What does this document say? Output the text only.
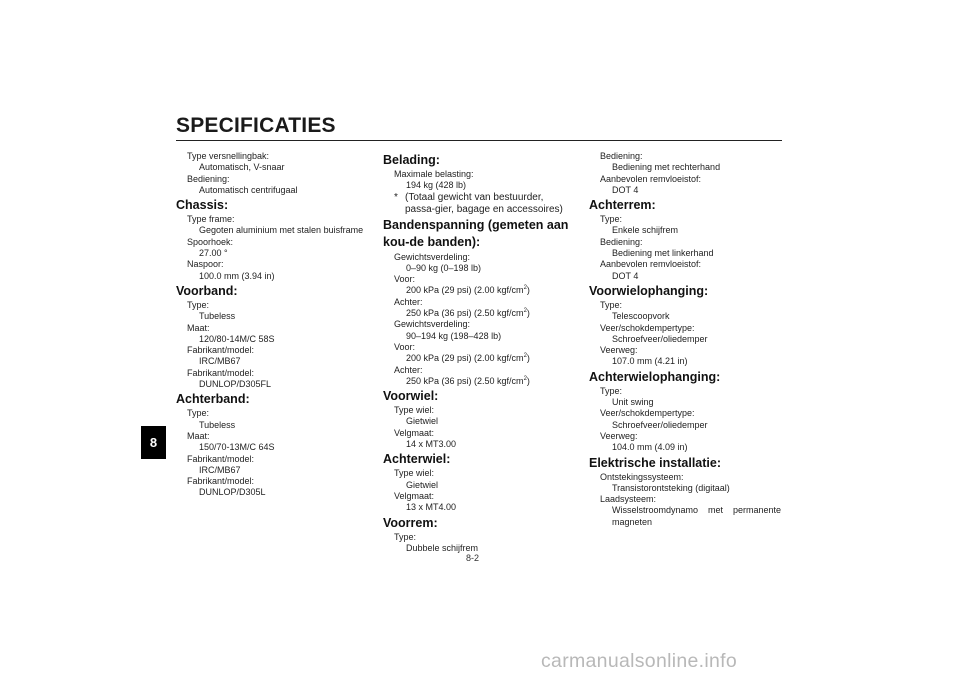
SPECIFICATIES
8
Type versnellingbak:
Automatisch, V-snaar
Bediening:
Automatisch centrifugaal
Chassis:
Type frame:
Gegoten aluminium met stalen buisframe
Spoorhoek:
27.00 °
Naspoor:
100.0 mm (3.94 in)
Voorband:
Type:
Tubeless
Maat:
120/80-14M/C 58S
Fabrikant/model:
IRC/MB67
Fabrikant/model:
DUNLOP/D305FL
Achterband:
Type:
Tubeless
Maat:
150/70-13M/C 64S
Fabrikant/model:
IRC/MB67
Fabrikant/model:
DUNLOP/D305L
Belading:
Maximale belasting:
194 kg (428 lb)
* (Totaal gewicht van bestuurder, passa-gier, bagage en accessoires)
Bandenspanning (gemeten aan kou-de banden):
Gewichtsverdeling:
0–90 kg (0–198 lb)
Voor:
200 kPa (29 psi) (2.00 kgf/$cm^2$)
Achter:
250 kPa (36 psi) (2.50 kgf/$cm^2$)
Gewichtsverdeling:
90–194 kg (198–428 lb)
Voor:
200 kPa (29 psi) (2.00 kgf/$cm^2$)
Achter:
250 kPa (36 psi) (2.50 kgf/$cm^2$)
Voorwiel:
Type wiel:
Gietwiel
Velgmaat:
14 x MT3.00
Achterwiel:
Type wiel:
Gietwiel
Velgmaat:
13 x MT4.00
Voorrem:
Type:
Dubbele schijfrem
Bediening:
Bediening met rechterhand
Aanbevolen remvloeistof:
DOT 4
Achterrem:
Type:
Enkele schijfrem
Bediening:
Bediening met linkerhand
Aanbevolen remvloeistof:
DOT 4
Voorwielophanging:
Type:
Telescoopvork
Veer/schokdempertype:
Schroefveer/oliedemper
Veerweg:
107.0 mm (4.21 in)
Achterwielophanging:
Type:
Unit swing
Veer/schokdempertype:
Schroefveer/oliedemper
Veerweg:
104.0 mm (4.09 in)
Elektrische installatie:
Ontstekingssysteem:
Transistorontsteking (digitaal)
Laadsysteem:
Wisselstroomdynamo met permanente
magneten
8-2
carmanualsonline.info
